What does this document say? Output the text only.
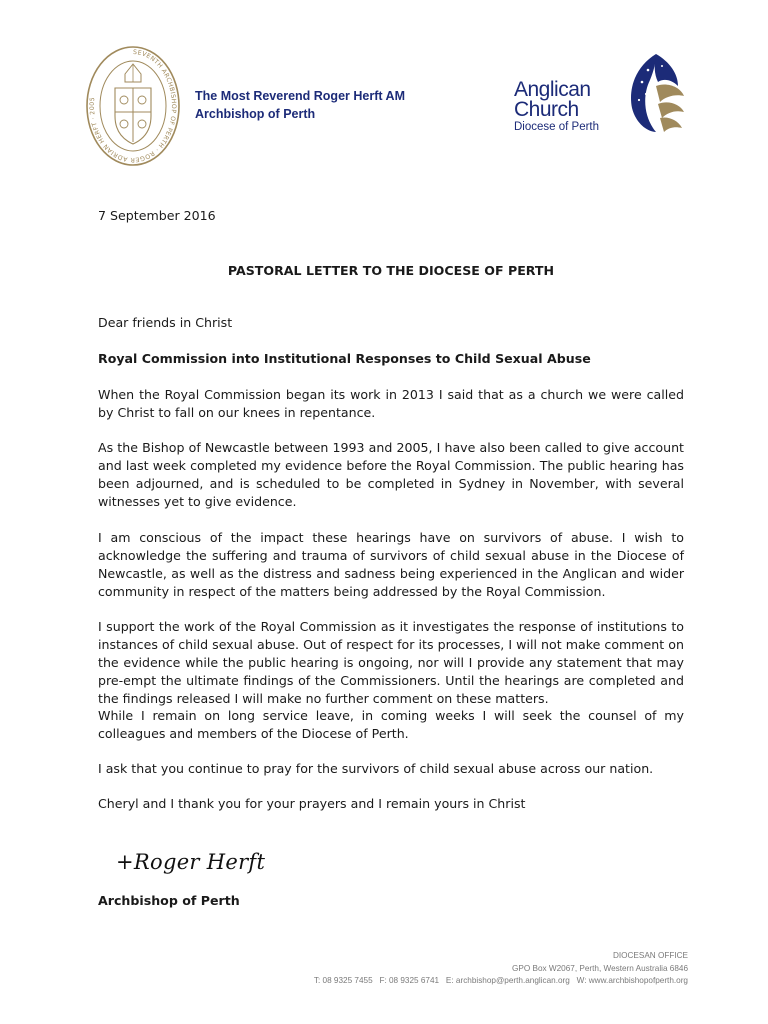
SEVENTH ARCHBISHOP OF PERTH · ROGER ADRIAN HERFT · 2005	The Most Reverend Roger Herft AM
Archbishop of Perth
Anglican
Church
Diocese of Perth
7 September 2016
PASTORAL LETTER TO THE DIOCESE OF PERTH
Dear friends in Christ
Royal Commission into Institutional Responses to Child Sexual Abuse

When the Royal Commission began its work in 2013 I said that as a church we were called by Christ to fall on our knees in repentance.

As the Bishop of Newcastle between 1993 and 2005, I have also been called to give account and last week completed my evidence before the Royal Commission. The public hearing has been adjourned, and is scheduled to be completed in Sydney in November, with several witnesses yet to give evidence.

I am conscious of the impact these hearings have on survivors of abuse. I wish to acknowledge the suffering and trauma of survivors of child sexual abuse in the Diocese of Newcastle, as well as the distress and sadness being experienced in the Anglican and wider community in respect of the matters being addressed by the Royal Commission.

I support the work of the Royal Commission as it investigates the response of institutions to instances of child sexual abuse. Out of respect for its processes, I will not make comment on the evidence while the public hearing is ongoing, nor will I provide any statement that may pre-empt the ultimate findings of the Commissioners. Until the hearings are completed and the findings released I will make no further comment on these matters.

While I remain on long service leave, in coming weeks I will seek the counsel of my colleagues and members of the Diocese of Perth.

I ask that you continue to pray for the survivors of child sexual abuse across our nation.

Cheryl and I thank you for your prayers and I remain yours in Christ

+Roger Herft
Archbishop of Perth
DIOCESAN OFFICE
GPO Box W2067, Perth, Western Australia 6846
T: 08 9325 7455   F: 08 9325 6741   E: archbishop@perth.anglican.org   W: www.archbishopofperth.org
